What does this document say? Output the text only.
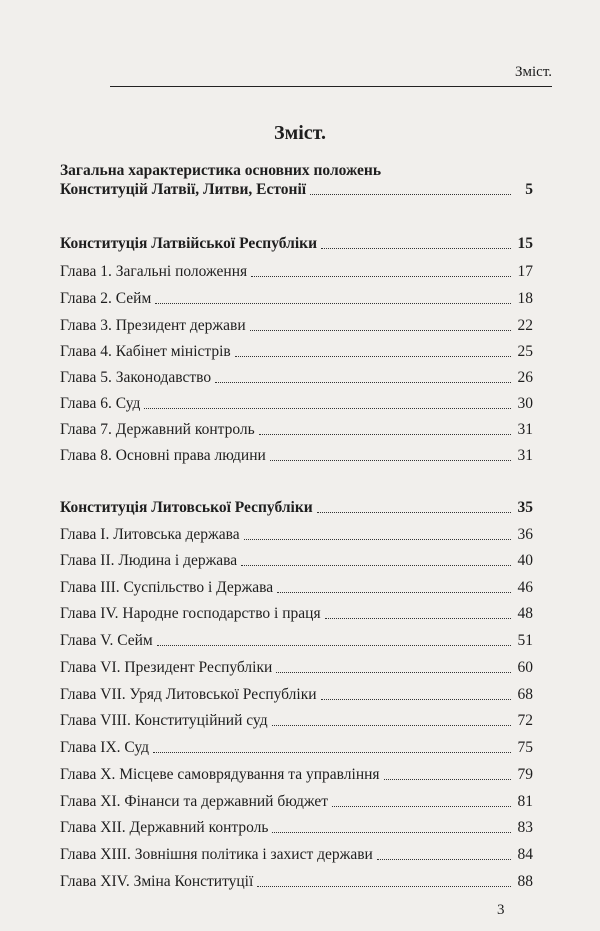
Зміст.
Зміст.
Загальна характеристика основних положень
Конституцій Латвії, Литви, Естонії	5
Конституція Латвійської Республіки	15
Глава 1. Загальні положення	17
Глава 2. Сейм	18
Глава 3. Президент держави	22
Глава 4. Кабінет міністрів	25
Глава 5. Законодавство	26
Глава 6. Суд	30
Глава 7. Державний контроль	31
Глава 8. Основні права людини	31
Конституція Литовської Республіки	35
Глава I. Литовська держава	36
Глава II. Людина і держава	40
Глава III. Суспільство і Держава	46
Глава IV. Народне господарство і праця	48
Глава V. Сейм	51
Глава VI. Президент Республіки	60
Глава VII. Уряд Литовської Республіки	68
Глава VIII. Конституційний суд	72
Глава IX. Суд	75
Глава X. Місцеве самоврядування та управління	79
Глава XI. Фінанси та державний бюджет	81
Глава XII. Державний контроль	83
Глава XIII. Зовнішня політика і захист держави	84
Глава XIV. Зміна Конституції	88
3
